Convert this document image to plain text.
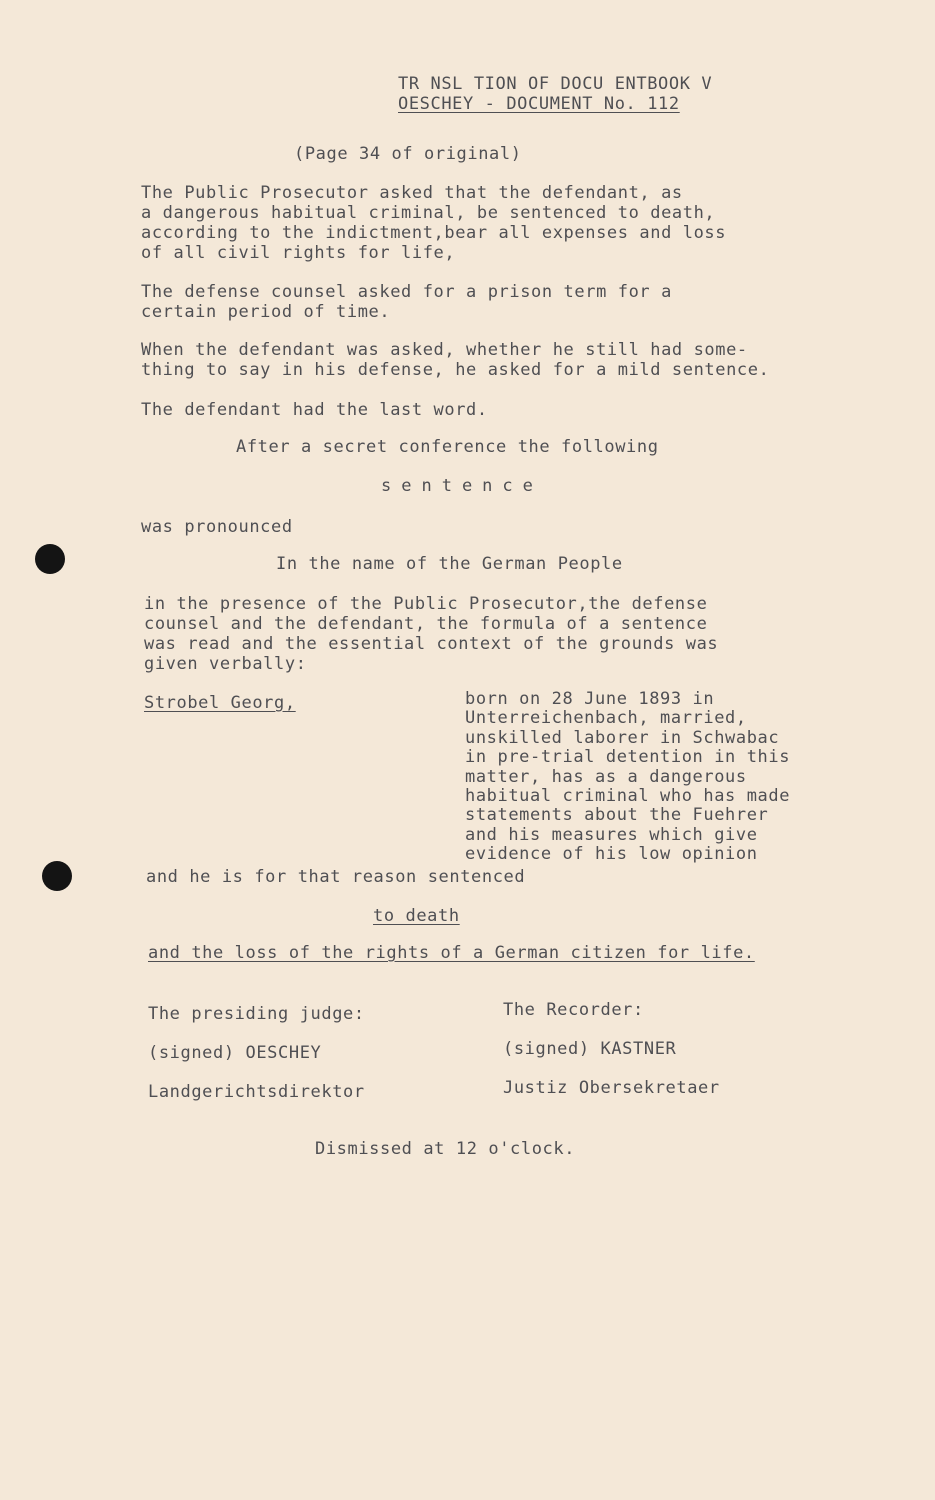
TR NSL TION OF DOCU ENTBOOK V
OESCHEY - DOCUMENT No. 112
(Page 34 of original)
The Public Prosecutor asked that the defendant, as
a dangerous habitual criminal, be sentenced to death,
according to the indictment,bear all expenses and loss
of all civil rights for life,
The defense counsel asked for a prison term for a
certain period of time.
When the defendant was asked, whether he still had some-
thing to say in his defense, he asked for a mild sentence.
The defendant had the last word.
After a secret conference the following
sentence
was pronounced
In the name of the German People
in the presence of the Public Prosecutor,the defense
counsel and the defendant, the formula of a sentence
was read and the essential context of the grounds was
given verbally:
Strobel Georg,	born on 28 June 1893 in
Unterreichenbach, married,
unskilled laborer in Schwabac
in pre-trial detention in this
matter, has as a dangerous
habitual criminal who has made
statements about the Fuehrer
and his measures which give
evidence of his low opinion
and he is for that reason sentenced
to death
and the loss of the rights of a German citizen for life.
The presiding judge:
(signed) OESCHEY
Landgerichtsdirektor
The Recorder:
(signed) KASTNER
Justiz Obersekretaer
Dismissed at 12 o'clock.
